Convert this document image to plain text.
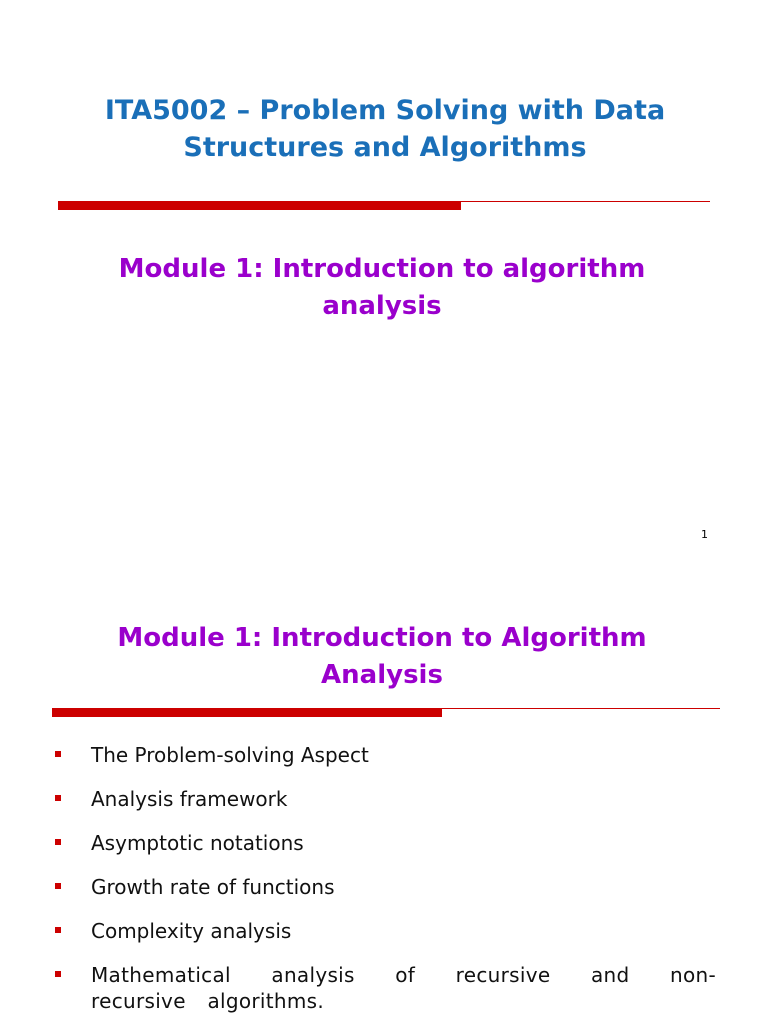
ITA5002 – Problem Solving with Data Structures and Algorithms
Module 1: Introduction to algorithm analysis
1
Module 1: Introduction to Algorithm Analysis
The Problem-solving Aspect
Analysis framework
Asymptotic notations
Growth rate of functions
Complexity analysis
Mathematical analysis of recursive and non-recursive algorithms.
